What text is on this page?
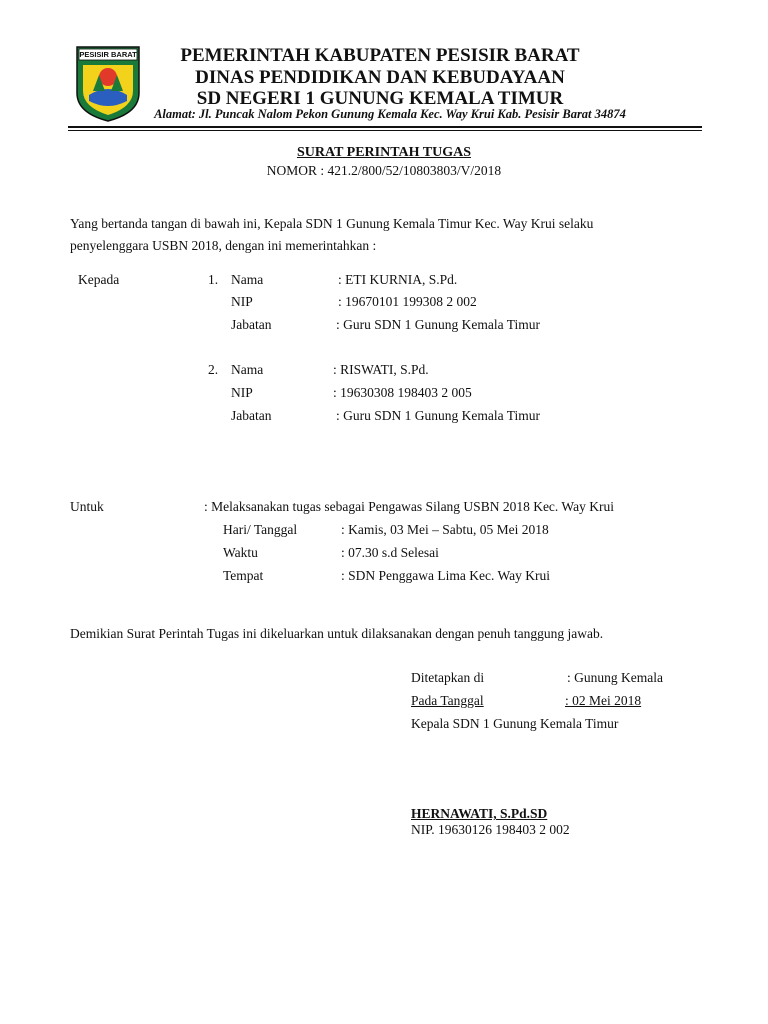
PESISIR BARAT	PEMERINTAH KABUPATEN PESISIR BARAT
DINAS PENDIDIKAN DAN KEBUDAYAAN
SD NEGERI 1 GUNUNG KEMALA TIMUR
Alamat: Jl. Puncak Nalom Pekon Gunung Kemala Kec. Way Krui Kab. Pesisir Barat 34874
SURAT PERINTAH TUGAS
NOMOR : 421.2/800/52/10803803/V/2018
Yang bertanda tangan di bawah ini, Kepala SDN 1 Gunung Kemala Timur Kec. Way Krui selaku
penyelenggara USBN 2018, dengan ini memerintahkan :
Kepada	1. Nama	: ETI KURNIA, S.Pd.
NIP	: 19670101 199308 2 002
Jabatan	: Guru SDN 1 Gunung Kemala Timur
2. Nama	: RISWATI, S.Pd.
NIP	: 19630308 198403 2 005
Jabatan	: Guru SDN 1 Gunung Kemala Timur
Untuk	: Melaksanakan tugas sebagai Pengawas Silang USBN 2018 Kec. Way Krui
Hari/ Tanggal	: Kamis, 03 Mei – Sabtu, 05 Mei 2018
Waktu	: 07.30 s.d Selesai
Tempat	: SDN Penggawa Lima Kec. Way Krui
Demikian Surat Perintah Tugas ini dikeluarkan untuk dilaksanakan dengan penuh tanggung jawab.
Ditetapkan di	: Gunung Kemala
Pada Tanggal	: 02 Mei 2018
Kepala SDN 1 Gunung Kemala Timur
HERNAWATI, S.Pd.SD
NIP. 19630126 198403 2 002
